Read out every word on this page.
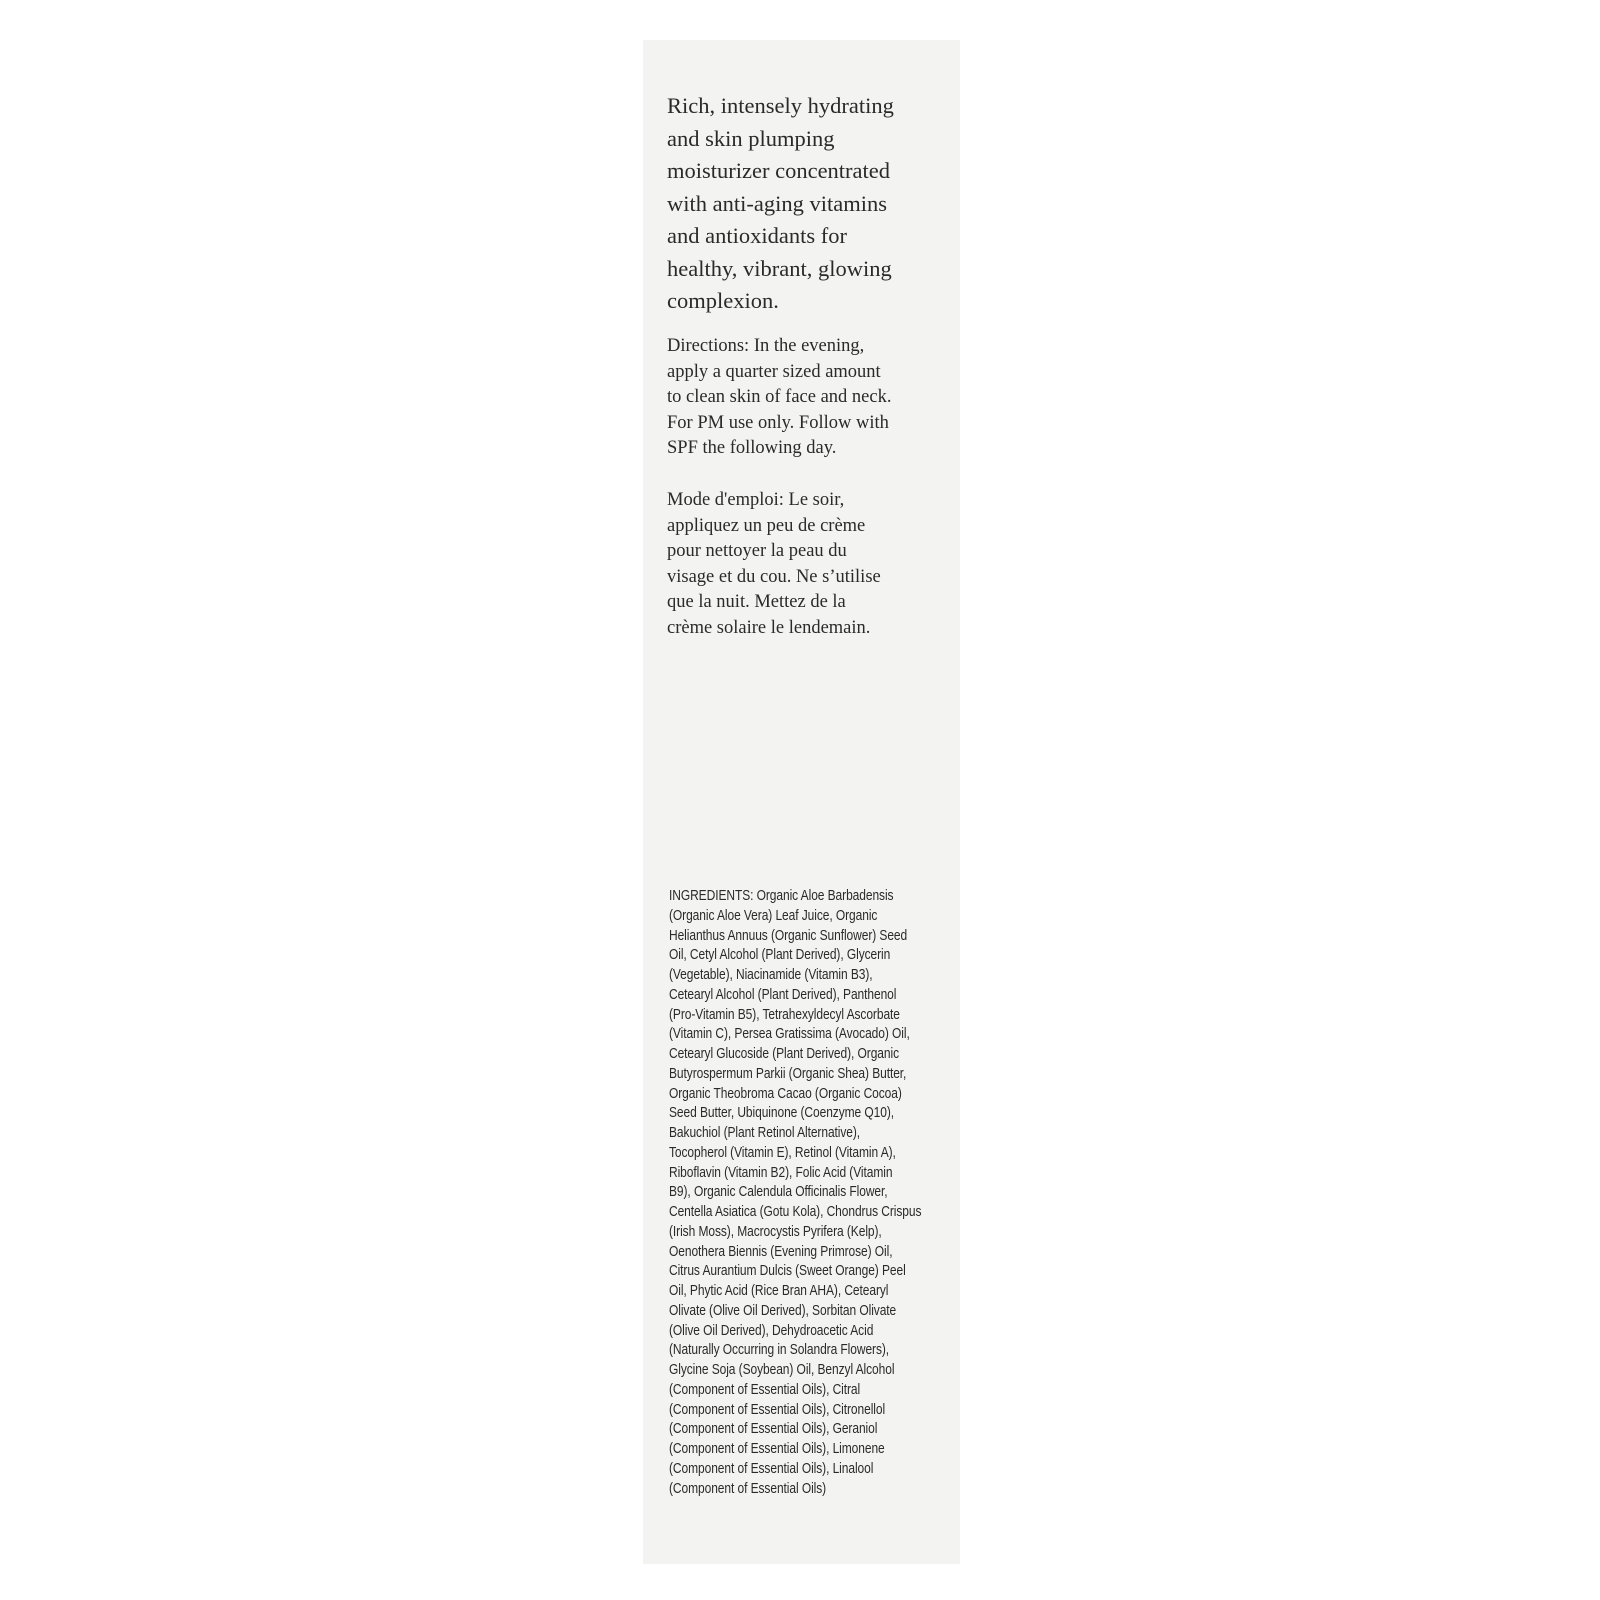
Rich, intensely hydrating
and skin plumping
moisturizer concentrated
with anti-aging vitamins
and antioxidants for
healthy, vibrant, glowing
complexion.

Directions: In the evening,
apply a quarter sized amount
to clean skin of face and neck.
For PM use only. Follow with
SPF the following day.

Mode d'emploi: Le soir,
appliquez un peu de crème
pour nettoyer la peau du
visage et du cou. Ne s’utilise
que la nuit. Mettez de la
crème solaire le lendemain.

INGREDIENTS: Organic Aloe Barbadensis
(Organic Aloe Vera) Leaf Juice, Organic
Helianthus Annuus (Organic Sunflower) Seed
Oil, Cetyl Alcohol (Plant Derived), Glycerin
(Vegetable), Niacinamide (Vitamin B3),
Cetearyl Alcohol (Plant Derived), Panthenol
(Pro-Vitamin B5), Tetrahexyldecyl Ascorbate
(Vitamin C), Persea Gratissima (Avocado) Oil,
Cetearyl Glucoside (Plant Derived), Organic
Butyrospermum Parkii (Organic Shea) Butter,
Organic Theobroma Cacao (Organic Cocoa)
Seed Butter, Ubiquinone (Coenzyme Q10),
Bakuchiol (Plant Retinol Alternative),
Tocopherol (Vitamin E), Retinol (Vitamin A),
Riboflavin (Vitamin B2), Folic Acid (Vitamin
B9), Organic Calendula Officinalis Flower,
Centella Asiatica (Gotu Kola), Chondrus Crispus
(Irish Moss), Macrocystis Pyrifera (Kelp),
Oenothera Biennis (Evening Primrose) Oil,
Citrus Aurantium Dulcis (Sweet Orange) Peel
Oil, Phytic Acid (Rice Bran AHA), Cetearyl
Olivate (Olive Oil Derived), Sorbitan Olivate
(Olive Oil Derived), Dehydroacetic Acid
(Naturally Occurring in Solandra Flowers),
Glycine Soja (Soybean) Oil, Benzyl Alcohol
(Component of Essential Oils), Citral
(Component of Essential Oils), Citronellol
(Component of Essential Oils), Geraniol
(Component of Essential Oils), Limonene
(Component of Essential Oils), Linalool
(Component of Essential Oils)
